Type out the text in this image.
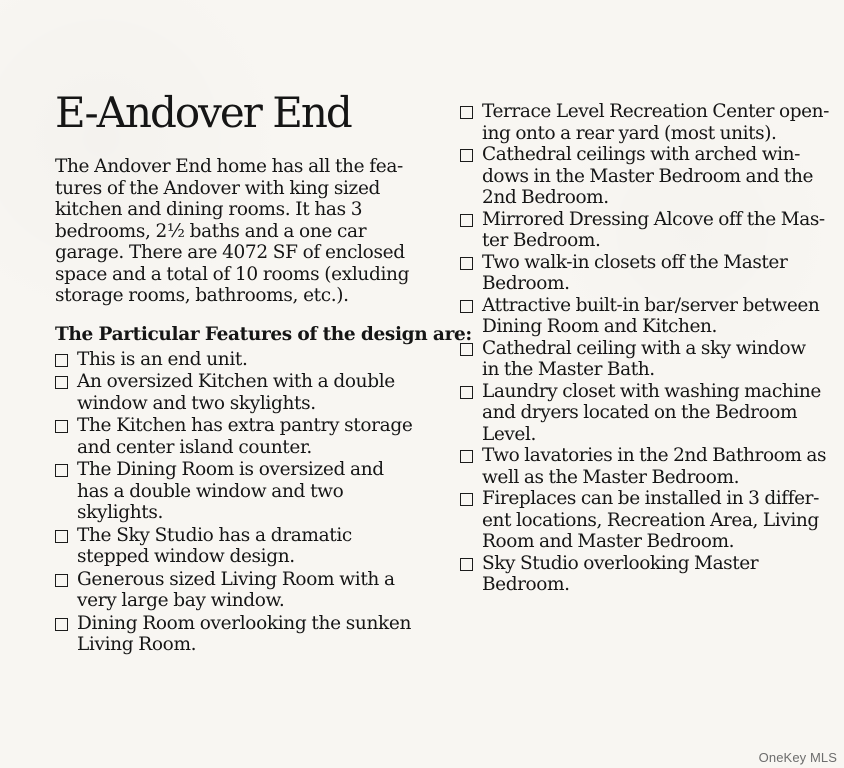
E-Andover End

The Andover End home has all the fea-
tures of the Andover with king sized
kitchen and dining rooms. It has 3
bedrooms, 2½ baths and a one car
garage. There are 4072 SF of enclosed
space and a total of 10 rooms (exluding
storage rooms, bathrooms, etc.).

The Particular Features of the design are:
This is an end unit.
An oversized Kitchen with a double
window and two skylights.
The Kitchen has extra pantry storage
and center island counter.
The Dining Room is oversized and
has a double window and two
skylights.
The Sky Studio has a dramatic
stepped window design.
Generous sized Living Room with a
very large bay window.
Dining Room overlooking the sunken
Living Room.
Terrace Level Recreation Center open-
ing onto a rear yard (most units).
Cathedral ceilings with arched win-
dows in the Master Bedroom and the
2nd Bedroom.
Mirrored Dressing Alcove off the Mas-
ter Bedroom.
Two walk-in closets off the Master
Bedroom.
Attractive built-in bar/server between
Dining Room and Kitchen.
Cathedral ceiling with a sky window
in the Master Bath.
Laundry closet with washing machine
and dryers located on the Bedroom
Level.
Two lavatories in the 2nd Bathroom as
well as the Master Bedroom.
Fireplaces can be installed in 3 differ-
ent locations, Recreation Area, Living
Room and Master Bedroom.
Sky Studio overlooking Master
Bedroom.
OneKey MLS
